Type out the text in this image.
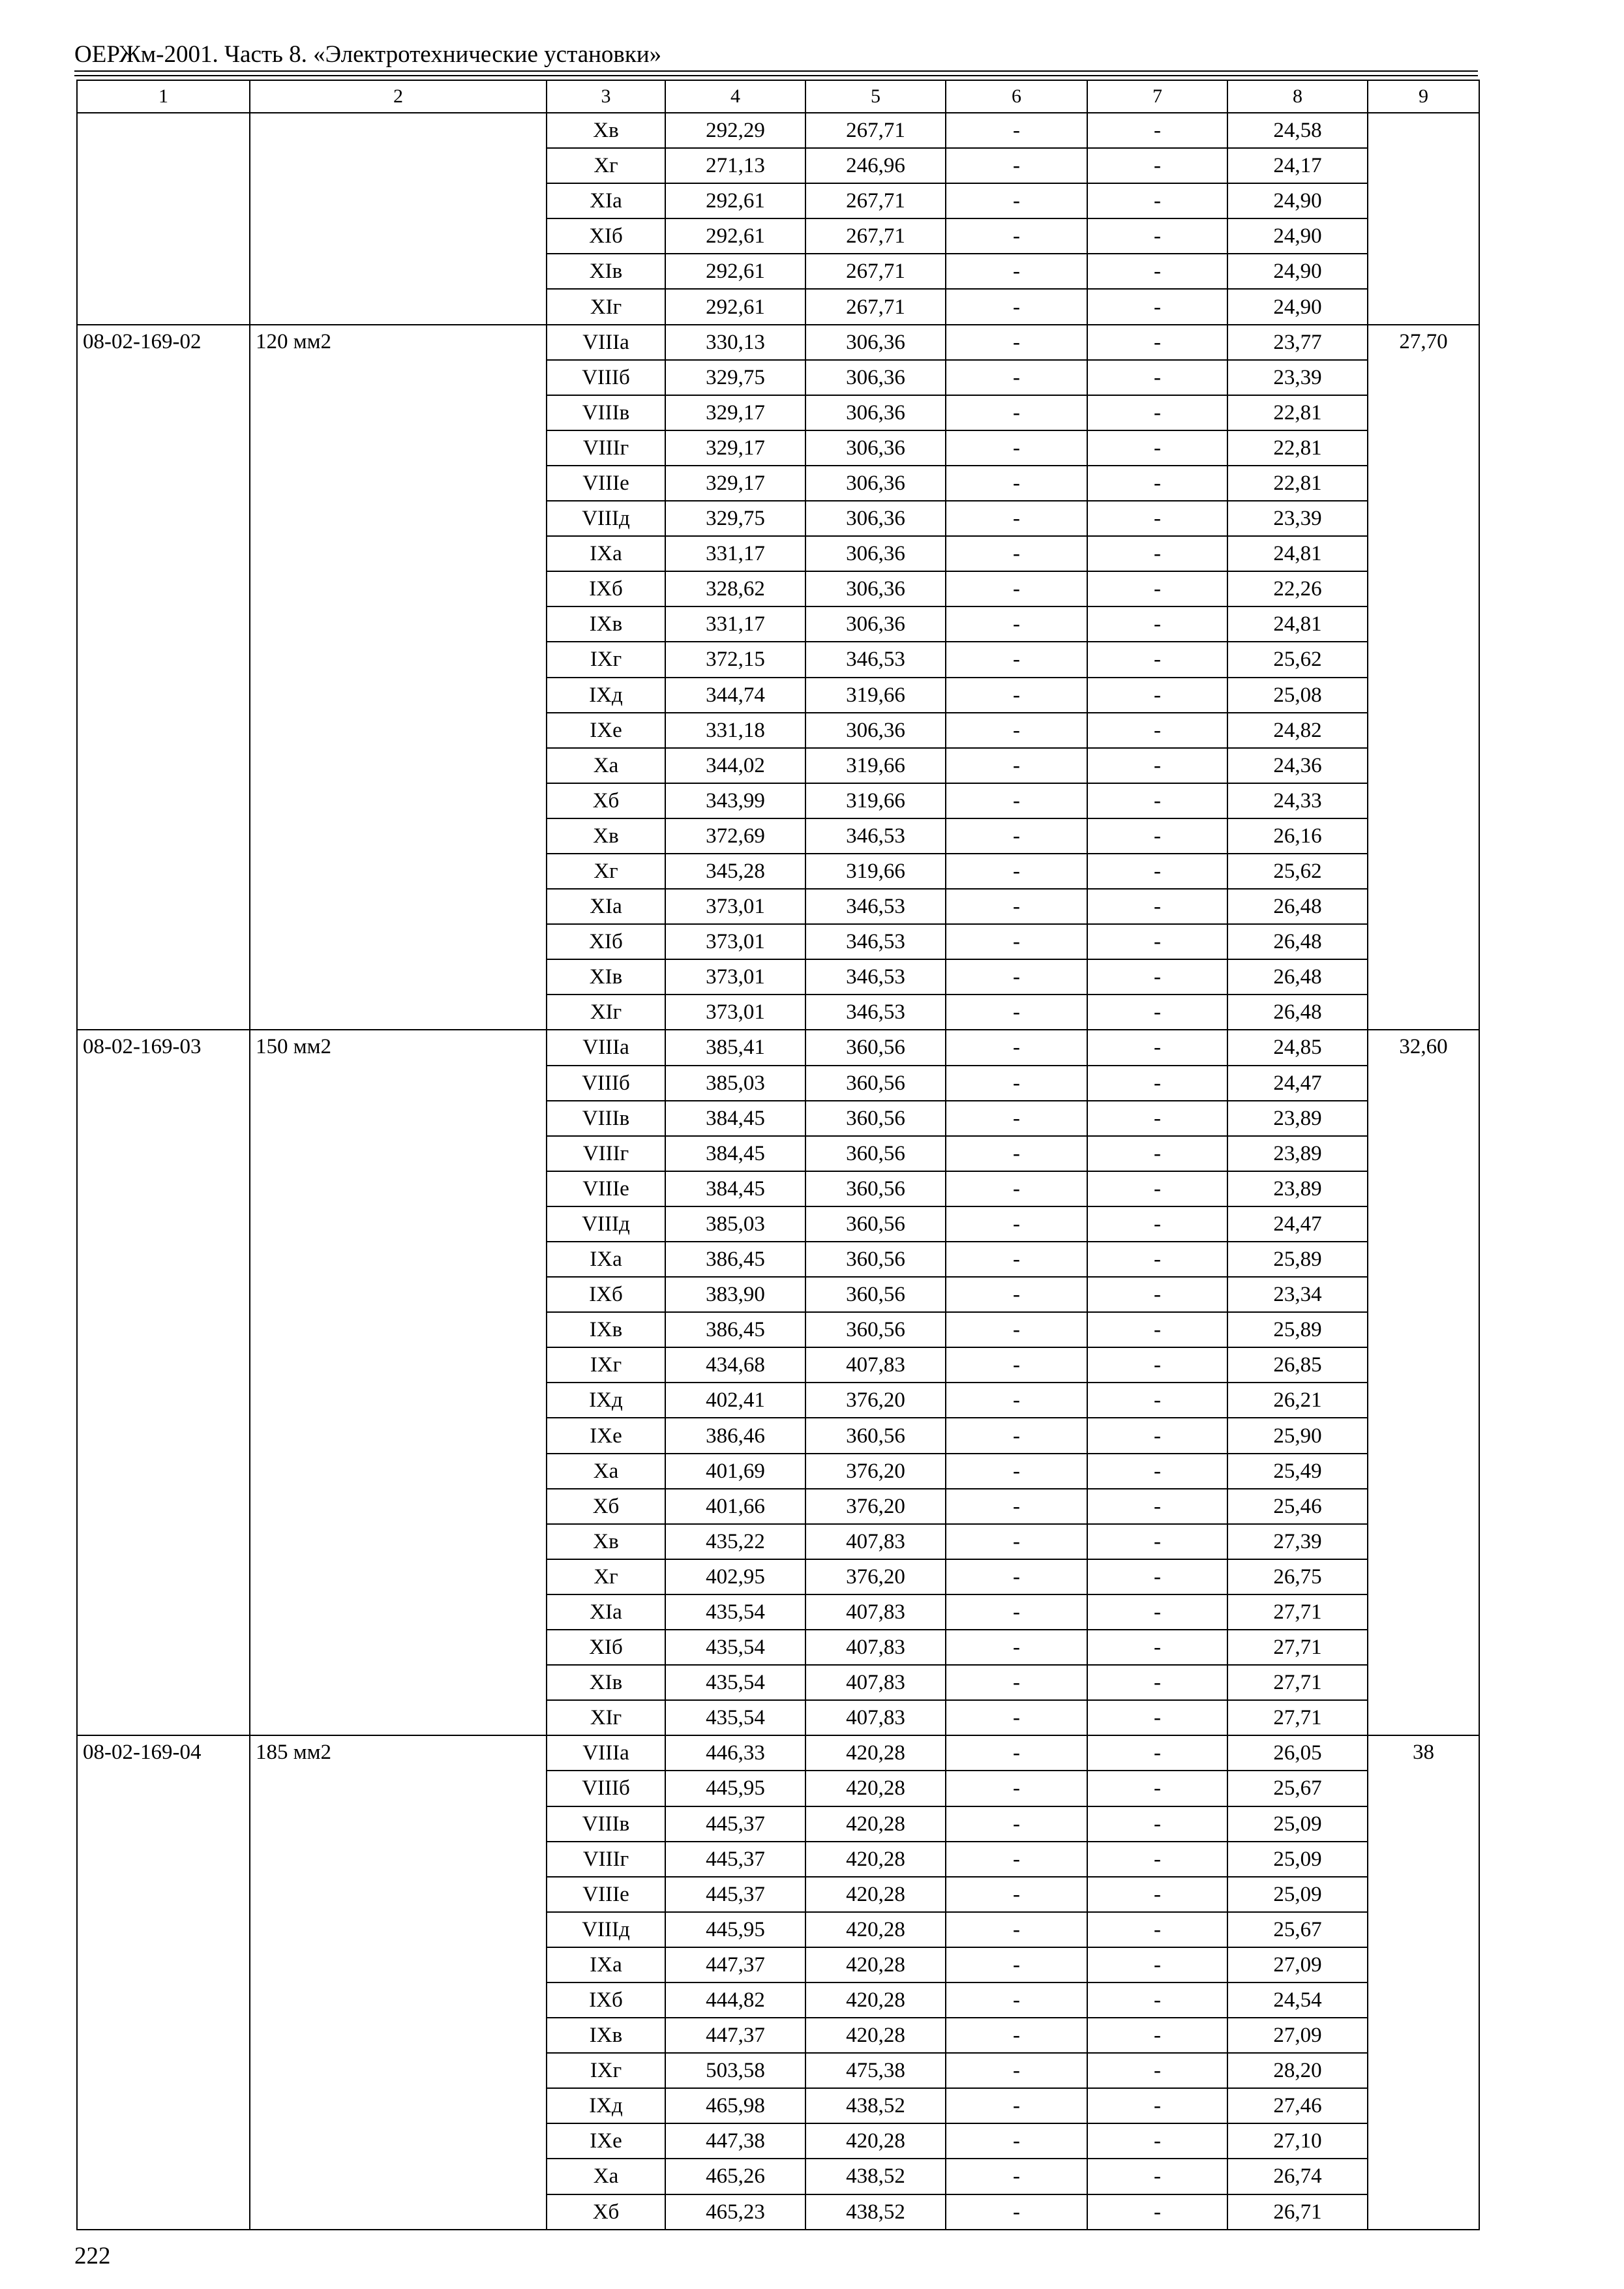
ОЕРЖм-2001. Часть 8. «Электротехнические установки»
1	2	3	4	5	6	7	8	9
		Xв	292,29	267,71	-	-	24,58	
		Xг	271,13	246,96	-	-	24,17	
		XIа	292,61	267,71	-	-	24,90	
		XIб	292,61	267,71	-	-	24,90	
		XIв	292,61	267,71	-	-	24,90	
		XIг	292,61	267,71	-	-	24,90	
08-02-169-02	120 мм2	VIIIа	330,13	306,36	-	-	23,77	27,70
		VIIIб	329,75	306,36	-	-	23,39	
		VIIIв	329,17	306,36	-	-	22,81	
		VIIIг	329,17	306,36	-	-	22,81	
		VIIIе	329,17	306,36	-	-	22,81	
		VIIIд	329,75	306,36	-	-	23,39	
		IXа	331,17	306,36	-	-	24,81	
		IXб	328,62	306,36	-	-	22,26	
		IXв	331,17	306,36	-	-	24,81	
		IXг	372,15	346,53	-	-	25,62	
		IXд	344,74	319,66	-	-	25,08	
		IXе	331,18	306,36	-	-	24,82	
		Xа	344,02	319,66	-	-	24,36	
		Xб	343,99	319,66	-	-	24,33	
		Xв	372,69	346,53	-	-	26,16	
		Xг	345,28	319,66	-	-	25,62	
		XIа	373,01	346,53	-	-	26,48	
		XIб	373,01	346,53	-	-	26,48	
		XIв	373,01	346,53	-	-	26,48	
		XIг	373,01	346,53	-	-	26,48	
08-02-169-03	150 мм2	VIIIа	385,41	360,56	-	-	24,85	32,60
		VIIIб	385,03	360,56	-	-	24,47	
		VIIIв	384,45	360,56	-	-	23,89	
		VIIIг	384,45	360,56	-	-	23,89	
		VIIIе	384,45	360,56	-	-	23,89	
		VIIIд	385,03	360,56	-	-	24,47	
		IXа	386,45	360,56	-	-	25,89	
		IXб	383,90	360,56	-	-	23,34	
		IXв	386,45	360,56	-	-	25,89	
		IXг	434,68	407,83	-	-	26,85	
		IXд	402,41	376,20	-	-	26,21	
		IXе	386,46	360,56	-	-	25,90	
		Xа	401,69	376,20	-	-	25,49	
		Xб	401,66	376,20	-	-	25,46	
		Xв	435,22	407,83	-	-	27,39	
		Xг	402,95	376,20	-	-	26,75	
		XIа	435,54	407,83	-	-	27,71	
		XIб	435,54	407,83	-	-	27,71	
		XIв	435,54	407,83	-	-	27,71	
		XIг	435,54	407,83	-	-	27,71	
08-02-169-04	185 мм2	VIIIа	446,33	420,28	-	-	26,05	38
		VIIIб	445,95	420,28	-	-	25,67	
		VIIIв	445,37	420,28	-	-	25,09	
		VIIIг	445,37	420,28	-	-	25,09	
		VIIIе	445,37	420,28	-	-	25,09	
		VIIIд	445,95	420,28	-	-	25,67	
		IXа	447,37	420,28	-	-	27,09	
		IXб	444,82	420,28	-	-	24,54	
		IXв	447,37	420,28	-	-	27,09	
		IXг	503,58	475,38	-	-	28,20	
		IXд	465,98	438,52	-	-	27,46	
		IXе	447,38	420,28	-	-	27,10	
		Xа	465,26	438,52	-	-	26,74	
		Xб	465,23	438,52	-	-	26,71	
222
